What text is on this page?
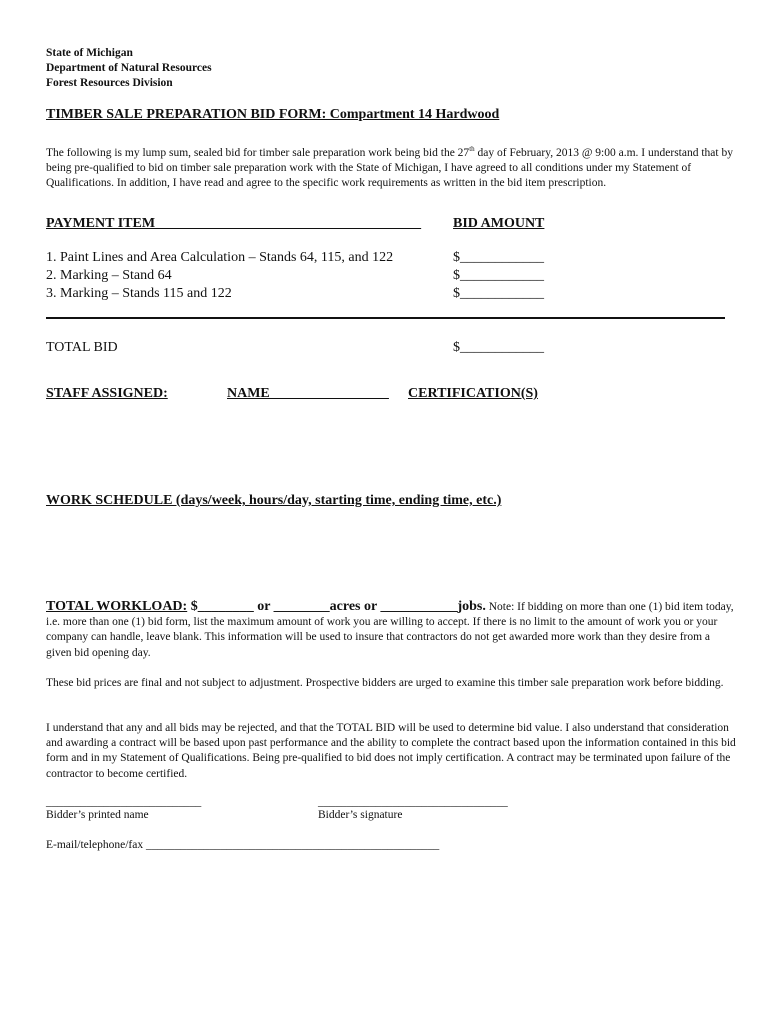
State of Michigan
Department of Natural Resources
Forest Resources Division
TIMBER SALE PREPARATION BID FORM: Compartment 14 Hardwood
The following is my lump sum, sealed bid for timber sale preparation work being bid the 27th day of February, 2013 @ 9:00 a.m. I understand that by being pre-qualified to bid on timber sale preparation work with the State of Michigan, I have agreed to all conditions under my Statement of Qualifications. In addition, I have read and agree to the specific work requirements as written in the bid item prescription.
PAYMENT ITEM______________________________________ BID AMOUNT
1. Paint Lines and Area Calculation – Stands 64, 115, and 122	$____________
2. Marking – Stand 64	$____________
3. Marking – Stands 115 and 122	$____________
TOTAL BID	$____________
STAFF ASSIGNED:	NAME_________________ CERTIFICATION(S)
WORK SCHEDULE (days/week, hours/day, starting time, ending time, etc.)
TOTAL WORKLOAD: $________ or ________acres or ___________jobs. Note: If bidding on more than one (1) bid item today, i.e. more than one (1) bid form, list the maximum amount of work you are willing to accept. If there is no limit to the amount of work you or your company can handle, leave blank. This information will be used to insure that contractors do not get awarded more work than they desire from a given bid opening day.
These bid prices are final and not subject to adjustment. Prospective bidders are urged to examine this timber sale preparation work before bidding.
I understand that any and all bids may be rejected, and that the TOTAL BID will be used to determine bid value. I also understand that consideration and awarding a contract will be based upon past performance and the ability to complete the contract based upon the information contained in this bid form and in my Statement of Qualifications. Being pre-qualified to bid does not imply certification. A contract may be terminated upon failure of the contractor to become certified.
___________________________
Bidder’s printed name
_________________________________
Bidder’s signature
E-mail/telephone/fax ___________________________________________________
